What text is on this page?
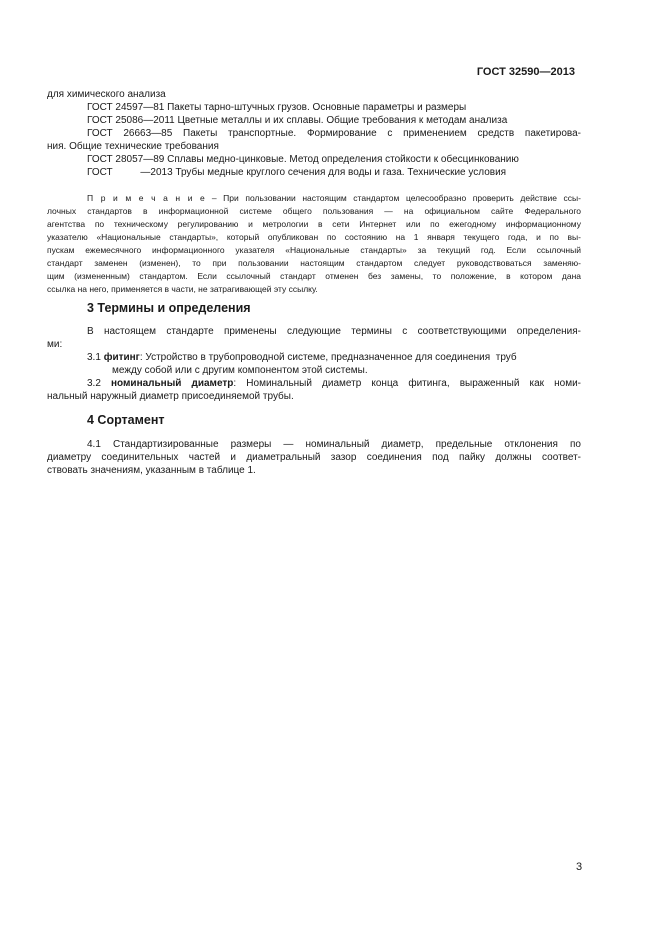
ГОСТ 32590—2013
для химического анализа
ГОСТ 24597—81 Пакеты тарно-штучных грузов. Основные параметры и размеры
ГОСТ 25086—2011 Цветные металлы и их сплавы. Общие требования к методам анализа
ГОСТ 26663—85 Пакеты транспортные. Формирование с применением средств пакетирова-
ния. Общие технические требования
ГОСТ 28057—89 Сплавы медно-цинковые. Метод определения стойкости к обесцинкованию
ГОСТ          —2013 Трубы медные круглого сечения для воды и газа. Технические условия
П р и м е ч а н и е – При пользовании настоящим стандартом целесообразно проверить действие ссы-
лочных стандартов в информационной системе общего пользования — на официальном сайте Федерального
агентства по техническому регулированию и метрологии в сети Интернет или по ежегодному информационному
указателю «Национальные стандарты», который опубликован по состоянию на 1 января текущего года, и по вы-
пускам ежемесячного информационного указателя «Национальные стандарты» за текущий год. Если ссылочный
стандарт заменен (изменен), то при пользовании настоящим стандартом следует руководствоваться заменяю-
щим (измененным) стандартом. Если ссылочный стандарт отменен без замены, то положение, в котором дана
ссылка на него, применяется в части, не затрагивающей эту ссылку.
3 Термины и определения
В настоящем стандарте применены следующие термины с соответствующими определения-
ми:
3.1 фитинг: Устройство в трубопроводной системе, предназначенное для соединения  труб
между собой или с другим компонентом этой системы.
3.2 номинальный диаметр: Номинальный диаметр конца фитинга, выраженный как номи-
нальный наружный диаметр присоединяемой трубы.
4 Сортамент
4.1 Стандартизированные размеры — номинальный диаметр, предельные отклонения по
диаметру соединительных частей и диаметральный зазор соединения под пайку должны соответ-
ствовать значениям, указанным в таблице 1.
3
